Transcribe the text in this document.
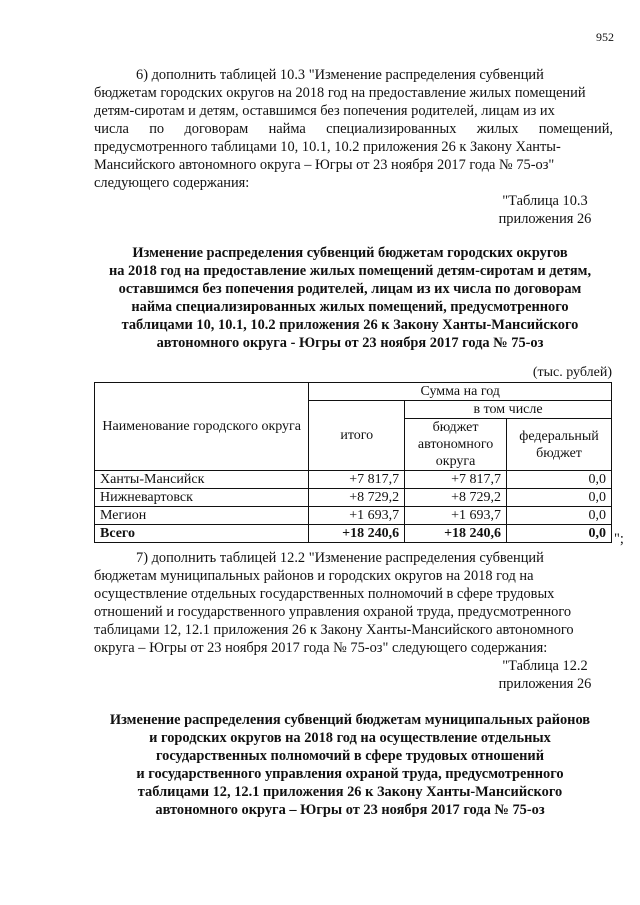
952
6) дополнить таблицей 10.3 "Изменение распределения субвенций
бюджетам городских округов на 2018 год на предоставление жилых помещений
детям-сиротам и детям, оставшимся без попечения родителей, лицам из их
числа по договорам найма специализированных жилых помещений,
предусмотренного таблицами 10, 10.1, 10.2 приложения 26 к Закону Ханты-
Мансийского автономного округа – Югры от 23 ноября 2017 года № 75-оз"
следующего содержания:
"Таблица 10.3
приложения 26
Изменение распределения субвенций бюджетам городских округов
на 2018 год на предоставление жилых помещений детям-сиротам и детям,
оставшимся без попечения родителей, лицам из их числа по договорам
найма специализированных жилых помещений, предусмотренного
таблицами 10, 10.1, 10.2 приложения 26 к Закону Ханты-Мансийского
автономного округа - Югры от 23 ноября 2017 года № 75-оз
(тыс. рублей)
Наименование городского округа	Сумма на год		
	итого	в том числе	
		бюджет автономного округа	федеральный бюджет
Ханты-Мансийск	+7 817,7	+7 817,7	0,0
Нижневартовск	+8 729,2	+8 729,2	0,0
Мегион	+1 693,7	+1 693,7	0,0
Всего	+18 240,6	+18 240,6	0,0 ";
7) дополнить таблицей 12.2 "Изменение распределения субвенций
бюджетам муниципальных районов и городских округов на 2018 год на
осуществление отдельных государственных полномочий в сфере трудовых
отношений и государственного управления охраной труда, предусмотренного
таблицами 12, 12.1 приложения 26 к Закону Ханты-Мансийского автономного
округа – Югры от 23 ноября 2017 года № 75-оз" следующего содержания:
"Таблица 12.2
приложения 26
Изменение распределения субвенций бюджетам муниципальных районов
и городских округов на 2018 год на осуществление отдельных
государственных полномочий в сфере трудовых отношений
и государственного управления охраной труда, предусмотренного
таблицами 12, 12.1 приложения 26 к Закону Ханты-Мансийского
автономного округа – Югры от 23 ноября 2017 года № 75-оз
